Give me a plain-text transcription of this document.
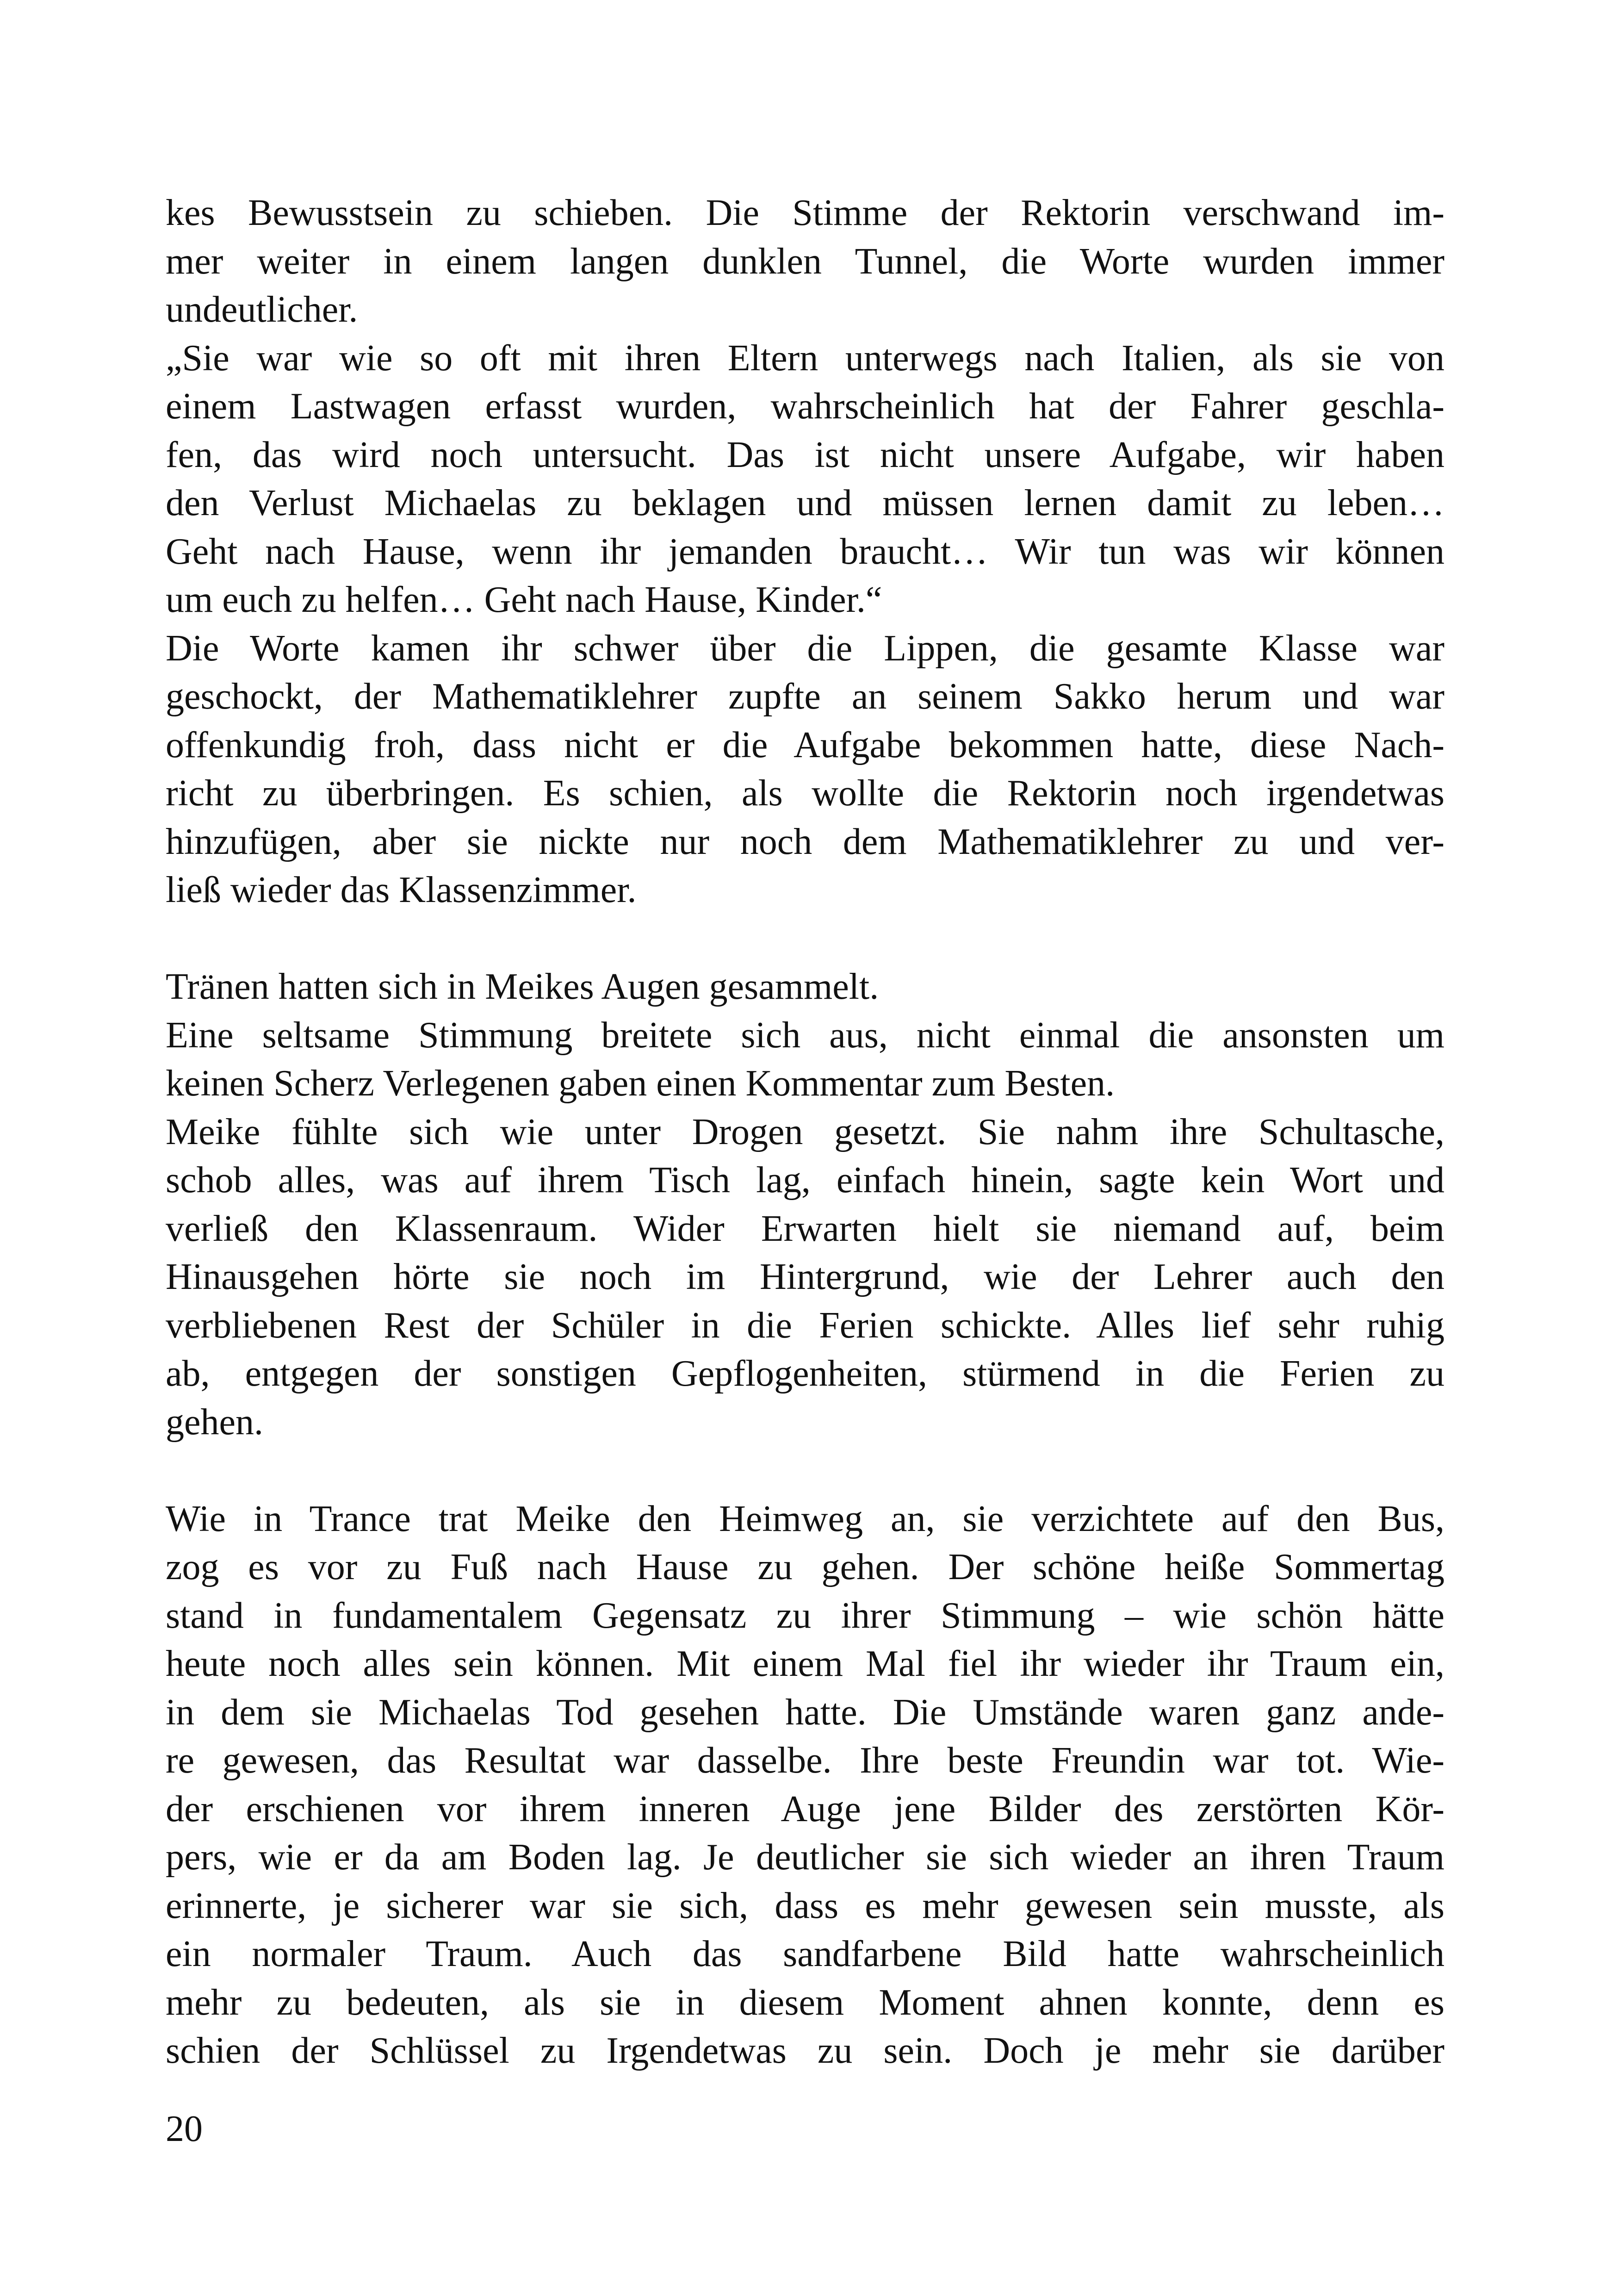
kes Bewusstsein zu schieben. Die Stimme der Rektorin verschwand im-
mer weiter in einem langen dunklen Tunnel, die Worte wurden immer
undeutlicher.
„Sie war wie so oft mit ihren Eltern unterwegs nach Italien, als sie von
einem Lastwagen erfasst wurden, wahrscheinlich hat der Fahrer geschla-
fen, das wird noch untersucht. Das ist nicht unsere Aufgabe, wir haben
den Verlust Michaelas zu beklagen und müssen lernen damit zu leben…
Geht nach Hause, wenn ihr jemanden braucht… Wir tun was wir können
um euch zu helfen… Geht nach Hause, Kinder.“
Die Worte kamen ihr schwer über die Lippen, die gesamte Klasse war
geschockt, der Mathematiklehrer zupfte an seinem Sakko herum und war
offenkundig froh, dass nicht er die Aufgabe bekommen hatte, diese Nach-
richt zu überbringen. Es schien, als wollte die Rektorin noch irgendetwas
hinzufügen, aber sie nickte nur noch dem Mathematiklehrer zu und ver-
ließ wieder das Klassenzimmer.
Tränen hatten sich in Meikes Augen gesammelt.
Eine seltsame Stimmung breitete sich aus, nicht einmal die ansonsten um
keinen Scherz Verlegenen gaben einen Kommentar zum Besten.
Meike fühlte sich wie unter Drogen gesetzt. Sie nahm ihre Schultasche,
schob alles, was auf ihrem Tisch lag, einfach hinein, sagte kein Wort und
verließ den Klassenraum. Wider Erwarten hielt sie niemand auf, beim
Hinausgehen hörte sie noch im Hintergrund, wie der Lehrer auch den
verbliebenen Rest der Schüler in die Ferien schickte. Alles lief sehr ruhig
ab, entgegen der sonstigen Gepflogenheiten, stürmend in die Ferien zu
gehen.
Wie in Trance trat Meike den Heimweg an, sie verzichtete auf den Bus,
zog es vor zu Fuß nach Hause zu gehen. Der schöne heiße Sommertag
stand in fundamentalem Gegensatz zu ihrer Stimmung – wie schön hätte
heute noch alles sein können. Mit einem Mal fiel ihr wieder ihr Traum ein,
in dem sie Michaelas Tod gesehen hatte. Die Umstände waren ganz ande-
re gewesen, das Resultat war dasselbe. Ihre beste Freundin war tot. Wie-
der erschienen vor ihrem inneren Auge jene Bilder des zerstörten Kör-
pers, wie er da am Boden lag. Je deutlicher sie sich wieder an ihren Traum
erinnerte, je sicherer war sie sich, dass es mehr gewesen sein musste, als
ein normaler Traum. Auch das sandfarbene Bild hatte wahrscheinlich
mehr zu bedeuten, als sie in diesem Moment ahnen konnte, denn es
schien der Schlüssel zu Irgendetwas zu sein. Doch je mehr sie darüber
20
